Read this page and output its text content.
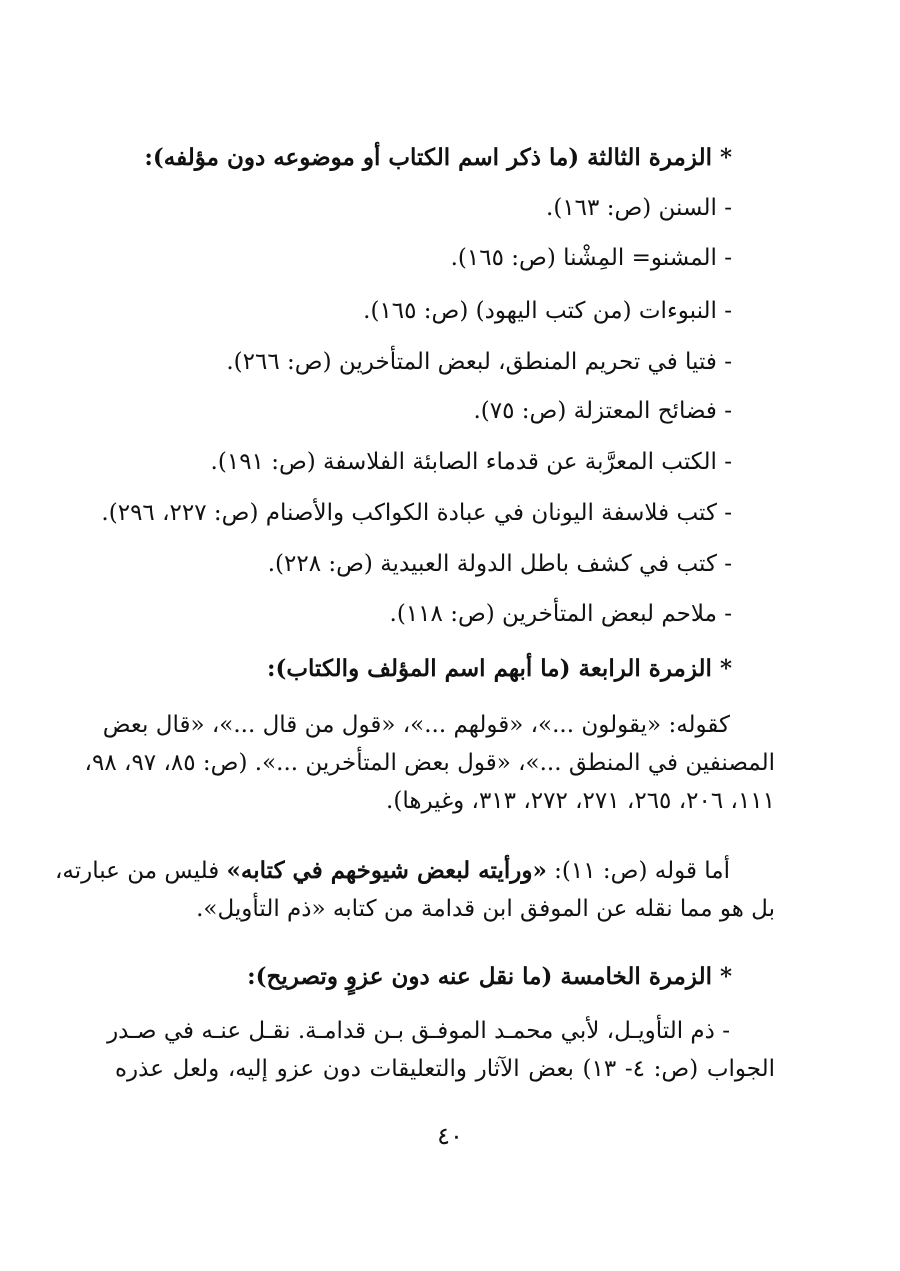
* الزمرة الثالثة (ما ذكر اسم الكتاب أو موضوعه دون مؤلفه):
- السنن (ص: ١٦٣).
- المشنو= المِشْنا (ص: ١٦٥).
- النبوءات (من كتب اليهود) (ص: ١٦٥).
- فتيا في تحريم المنطق، لبعض المتأخرين (ص: ٢٦٦).
- فضائح المعتزلة (ص: ٧٥).
- الكتب المعرَّبة عن قدماء الصابئة الفلاسفة (ص: ١٩١).
- كتب فلاسفة اليونان في عبادة الكواكب والأصنام (ص: ٢٢٧، ٢٩٦).
- كتب في كشف باطل الدولة العبيدية (ص: ٢٢٨).
- ملاحم لبعض المتأخرين (ص: ١١٨).
* الزمرة الرابعة (ما أبهم اسم المؤلف والكتاب):
كقوله: «يقولون ...»، «قولهم ...»، «قول من قال ...»، «قال بعض
المصنفين في المنطق ...»، «قول بعض المتأخرين ...». (ص: ٨٥، ٩٧، ٩٨،
١١١، ٢٠٦، ٢٦٥، ٢٧١، ٢٧٢، ٣١٣، وغيرها).
أما قوله (ص: ١١): «ورأيته لبعض شيوخهم في كتابه» فليس من عبارته،
بل هو مما نقله عن الموفق ابن قدامة من كتابه «ذم التأويل».
* الزمرة الخامسة (ما نقل عنه دون عزوٍ وتصريح):
- ذم التأويـل، لأبي محمـد الموفـق بـن قدامـة. نقـل عنـه في صـدر
الجواب (ص: ٤- ١٣) بعض الآثار والتعليقات دون عزو إليه، ولعل عذره
٤٠
